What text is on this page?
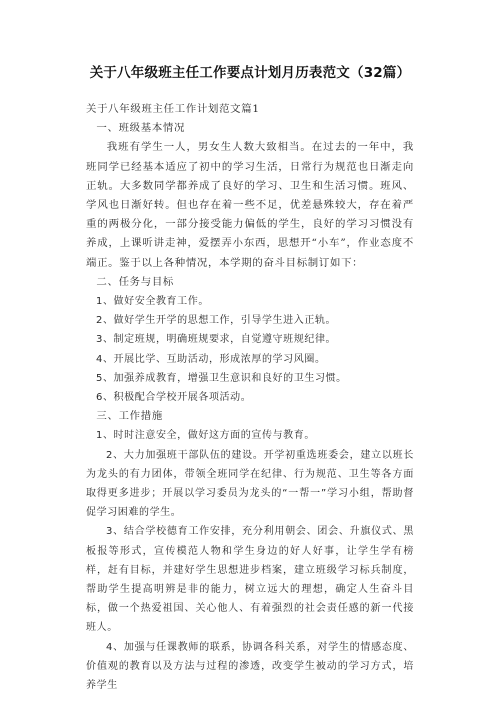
关于八年级班主任工作要点计划月历表范文（32篇）

关于八年级班主任工作计划范文篇1

一、班级基本情况

我班有学生一人，男女生人数大致相当。在过去的一年中，我班同学已经基本适应了初中的学习生活，日常行为规范也日渐走向正轨。大多数同学都养成了良好的学习、卫生和生活习惯。班风、学风也日渐好转。但也存在着一些不足，优差悬殊较大，存在着严重的两极分化，一部分接受能力偏低的学生，良好的学习习惯没有养成，上课听讲走神，爱摆弄小东西，思想开“小车”，作业态度不端正。鉴于以上各种情况，本学期的奋斗目标制订如下：

二、任务与目标

1、做好安全教育工作。

2、做好学生开学的思想工作，引导学生进入正轨。

3、制定班规，明确班规要求，自觉遵守班规纪律。

4、开展比学、互助活动，形成浓厚的学习风圈。

5、加强养成教育，增强卫生意识和良好的卫生习惯。

6、积极配合学校开展各项活动。

三、工作措施

1、时时注意安全，做好这方面的宣传与教育。

2、大力加强班干部队伍的建设。开学初重选班委会，建立以班长为龙头的有力团体，带领全班同学在纪律、行为规范、卫生等各方面取得更多进步；开展以学习委员为龙头的“一帮一”学习小组，帮助督促学习困难的学生。

3、结合学校德育工作安排，充分利用朝会、团会、升旗仪式、黑板报等形式，宣传模范人物和学生身边的好人好事，让学生学有榜样，赶有目标，并建好学生思想进步档案，建立班级学习标兵制度，帮助学生提高明辨是非的能力，树立远大的理想，确定人生奋斗目标，做一个热爱祖国、关心他人、有着强烈的社会责任感的新一代接班人。

4、加强与任课教师的联系，协调各科关系，对学生的情感态度、价值观的教育以及方法与过程的渗透，改变学生被动的学习方式，培养学生
